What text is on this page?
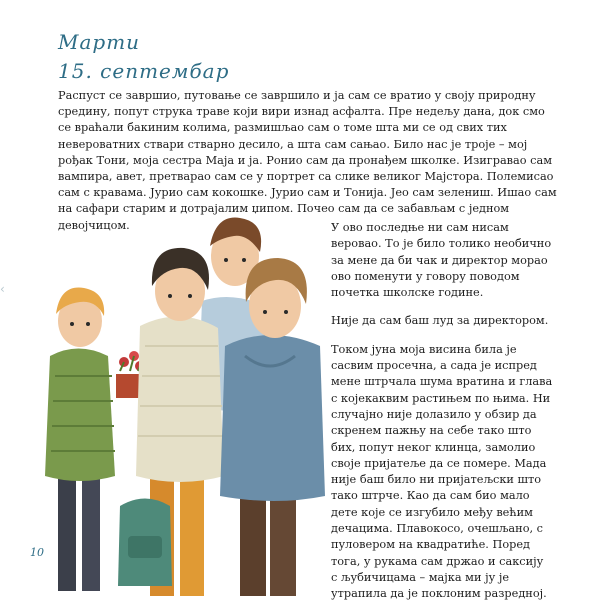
Марти
15. септембар
Распуст се завршио, путовање се завршило и ја сам се вратио у своју природну средину, попут струка траве који вири изнад асфалта. Пре недељу дана, док смо се враћали бакиним колима, размишљао сам о томе шта ми се од свих тих невероватних ствари стварно десило, а шта сам сањао. Било нас је троје – мој рођак Тони, моја сестра Маја и ја. Ронио сам да пронађем школке. Изигравао сам вампира, авет, претварао сам се у портрет са слике великог Мајстора. Полемисао сам с кравама. Јурио сам кокошке. Јурио сам и Тонија. Јео сам зелениш. Ишао сам на сафари старим и дотрајалим џипом. Почео сам да се забављам с једном девојчицом.	У ово последње ни сам нисам веровао. То је било толико необично за мене да би чак и директор морао ово поменути у говору поводом почетка школске године.

Није да сам баш луд за директором.

Током јуна моја висина била је сасвим просечна, а сада је испред мене штрчала шума вратина и глава с којекаквим растињем по њима. Ни случајно није долазило у обзир да скренем пажњу на себе тако што бих, попут неког клинца, замолио своје пријатеље да се помере. Мада није баш било ни пријатељски што тако штрче. Као да сам био мало дете које се изгубило међу већим дечацима. Плавокосо, очешљано, с пуловером на квадратиће. Поред тога, у рукама сам држао и саксију с љубичицама – мајка ми ју је утрапила да је поклоним разредној.

‹
10
